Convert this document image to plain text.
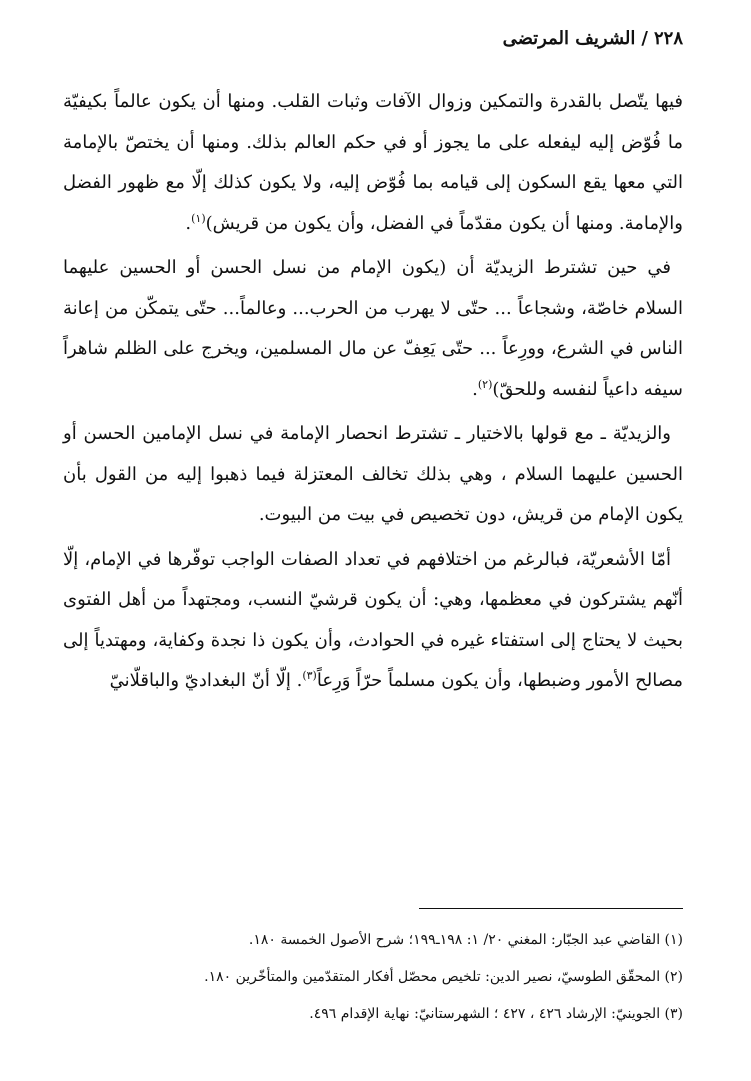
٢٢٨/الشريف المرتضى

فيها يتّصل بالقدرة والتمكين وزوال الآفات وثبات القلب. ومنها أن يكون عالماً بكيفيّة ما فُوّض إليه ليفعله على ما يجوز أو في حكم العالم بذلك. ومنها أن يختصّ بالإمامة التي معها يقع السكون إلى قيامه بما فُوّض إليه، ولا يكون كذلك إلّا مع ظهور الفضل والإمامة. ومنها أن يكون مقدّماً في الفضل، وأن يكون من قريش)$^{(١)}$.

في حين تشترط الزيديّة أن (يكون الإمام من نسل الحسن أو الحسين عليهما السلام خاصّة، وشجاعاً ... حتّى لا يهرب من الحرب... وعالماً... حتّى يتمكّن من إعانة الناس في الشرع، وورِعاً ... حتّى يَعِفّ عن مال المسلمين، ويخرج على الظلم شاهراً سيفه داعياً لنفسه وللحقّ)$^{(٢)}$.

والزيديّة ـ مع قولها بالاختيار ـ تشترط انحصار الإمامة في نسل الإمامين الحسن أو الحسين عليهما السلام ، وهي بذلك تخالف المعتزلة فيما ذهبوا إليه من القول بأن يكون الإمام من قريش، دون تخصيص في بيت من البيوت.

أمّا الأشعريّة، فبالرغم من اختلافهم في تعداد الصفات الواجب توفّرها في الإمام، إلّا أنّهم يشتركون في معظمها، وهي: أن يكون قرشيّ النسب، ومجتهداً من أهل الفتوى بحيث لا يحتاج إلى استفتاء غيره في الحوادث، وأن يكون ذا نجدة وكفاية، ومهتدياً إلى مصالح الأمور وضبطها، وأن يكون مسلماً حرّاً وَرِعاً$^{(٣)}$. إلّا أنّ البغداديّ والباقلّانيّ

(١) القاضي عبد الجبّار: المغني ٢٠/ ١: ١٩٨ـ١٩٩؛ شرح الأصول الخمسة ١٨٠.
(٢) المحقّق الطوسيّ، نصير الدين: تلخيص محصّل أفكار المتقدّمين والمتأخّرين ١٨٠.
(٣) الجوينيّ: الإرشاد ٤٢٦ ، ٤٢٧ ؛ الشهرستانيّ: نهاية الإقدام ٤٩٦.
